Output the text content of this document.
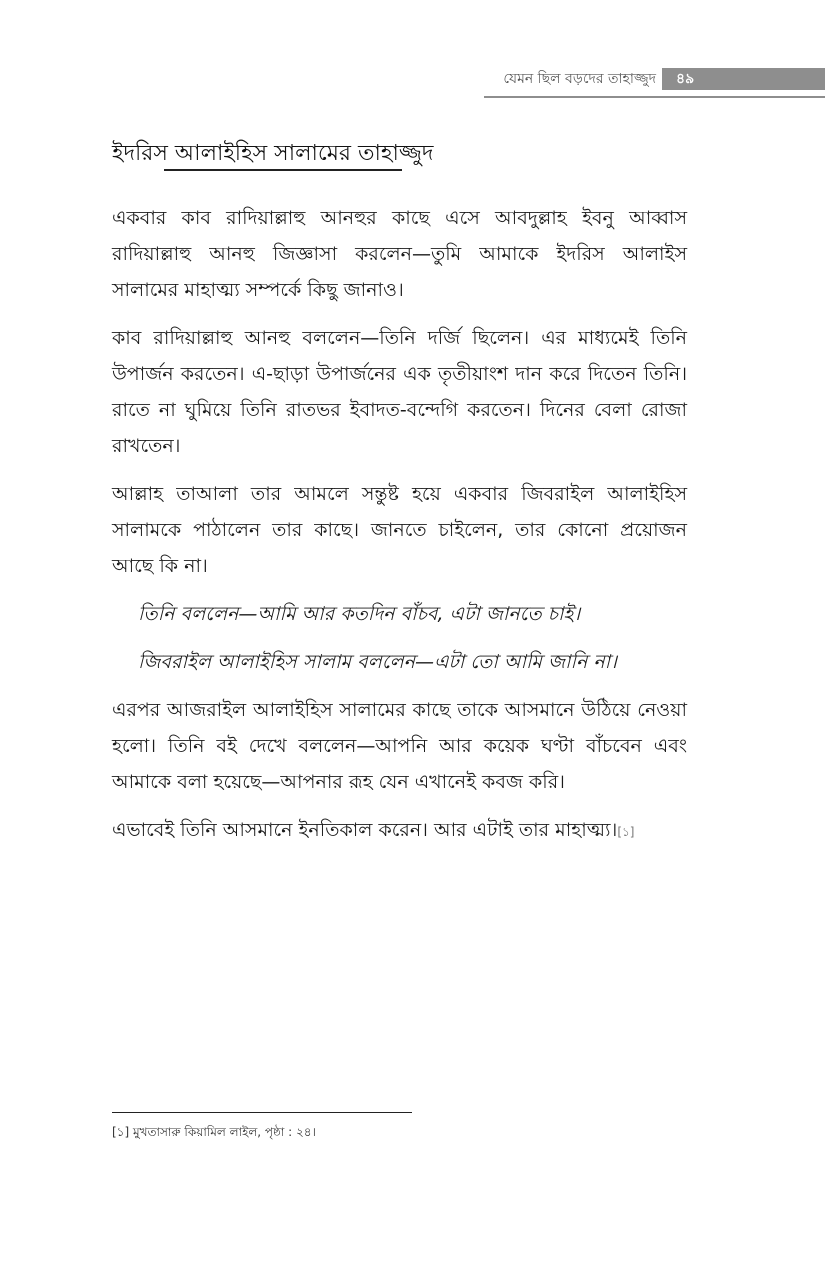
যেমন ছিল বড়দের তাহাজ্জুদ ৪৯
ইদরিস আলাইহিস সালামের তাহাজ্জুদ

একবার কাব রাদিয়াল্লাহু আনহুর কাছে এসে আবদুল্লাহ ইবনু আব্বাস রাদিয়াল্লাহু আনহু জিজ্ঞাসা করলেন—তুমি আমাকে ইদরিস আলাইস সালামের মাহাত্ম্য সম্পর্কে কিছু জানাও।

কাব রাদিয়াল্লাহু আনহু বললেন—তিনি দর্জি ছিলেন। এর মাধ্যমেই তিনি উপার্জন করতেন। এ-ছাড়া উপার্জনের এক তৃতীয়াংশ দান করে দিতেন তিনি। রাতে না ঘুমিয়ে তিনি রাতভর ইবাদত-বন্দেগি করতেন। দিনের বেলা রোজা রাখতেন।

আল্লাহ তাআলা তার আমলে সন্তুষ্ট হয়ে একবার জিবরাইল আলাইহিস সালামকে পাঠালেন তার কাছে। জানতে চাইলেন, তার কোনো প্রয়োজন আছে কি না।

তিনি বললেন—আমি আর কতদিন বাঁচব, এটা জানতে চাই।

জিবরাইল আলাইহিস সালাম বললেন—এটা তো আমি জানি না।

এরপর আজরাইল আলাইহিস সালামের কাছে তাকে আসমানে উঠিয়ে নেওয়া হলো। তিনি বই দেখে বললেন—আপনি আর কয়েক ঘণ্টা বাঁচবেন এবং আমাকে বলা হয়েছে—আপনার রূহ যেন এখানেই কবজ করি।

এভাবেই তিনি আসমানে ইনতিকাল করেন। আর এটাই তার মাহাত্ম্য।[১]

[১] মুখতাসারু কিয়ামিল লাইল, পৃষ্ঠা : ২৪।
